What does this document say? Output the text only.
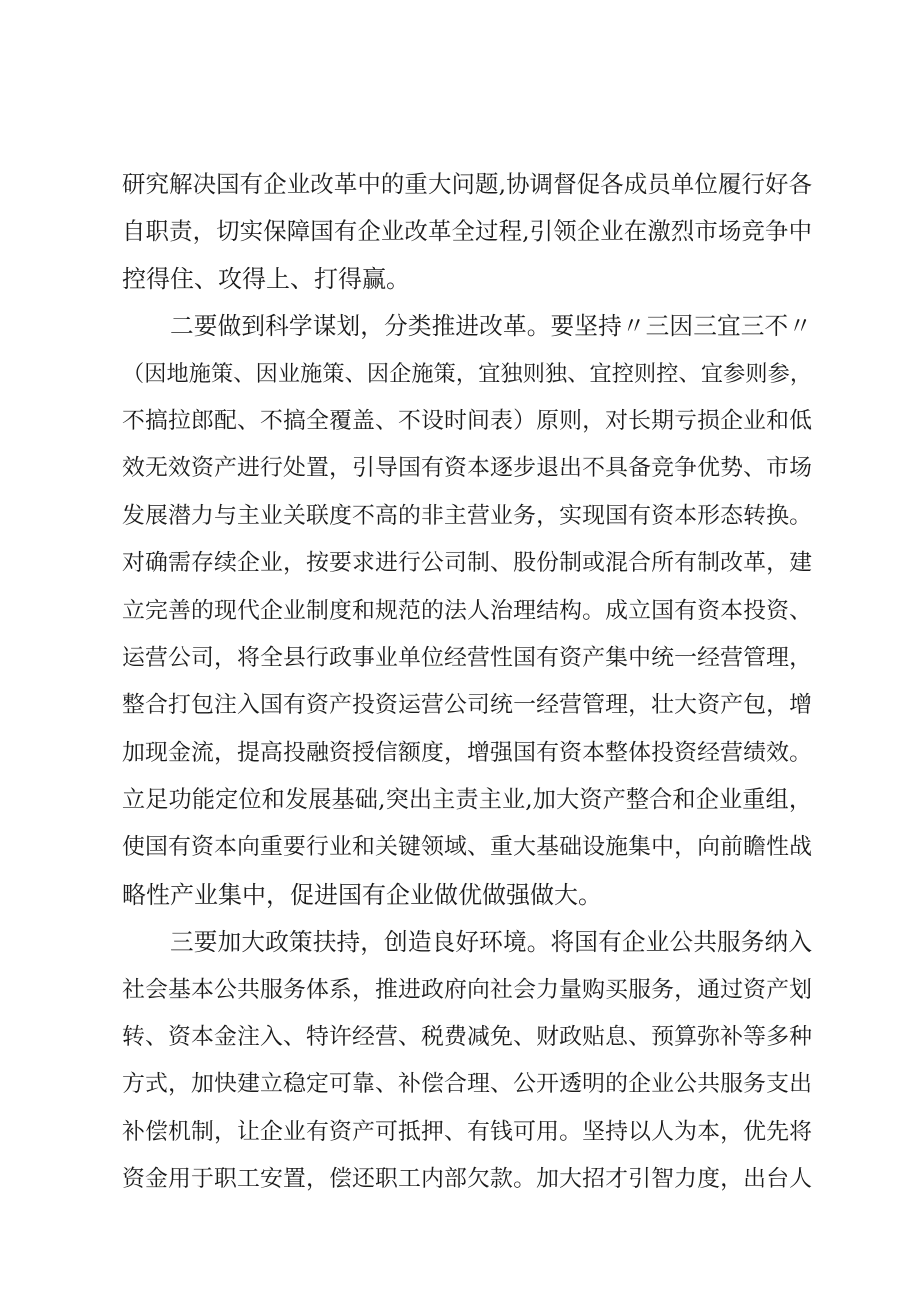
研究解决国有企业改革中的重大问题,协调督促各成员单位履行好各
自职责，切实保障国有企业改革全过程,引领企业在激烈市场竞争中
控得住、攻得上、打得赢。
二要做到科学谋划，分类推进改革。要坚持〃三因三宜三不〃
（因地施策、因业施策、因企施策，宜独则独、宜控则控、宜参则参，
不搞拉郎配、不搞全覆盖、不设时间表）原则，对长期亏损企业和低
效无效资产进行处置，引导国有资本逐步退出不具备竞争优势、市场
发展潜力与主业关联度不高的非主营业务，实现国有资本形态转换。
对确需存续企业，按要求进行公司制、股份制或混合所有制改革，建
立完善的现代企业制度和规范的法人治理结构。成立国有资本投资、
运营公司，将全县行政事业单位经营性国有资产集中统一经营管理，
整合打包注入国有资产投资运营公司统一经营管理，壮大资产包，增
加现金流，提高投融资授信额度，增强国有资本整体投资经营绩效。
立足功能定位和发展基础,突出主责主业,加大资产整合和企业重组，
使国有资本向重要行业和关键领域、重大基础设施集中，向前瞻性战
略性产业集中，促进国有企业做优做强做大。
三要加大政策扶持，创造良好环境。将国有企业公共服务纳入
社会基本公共服务体系，推进政府向社会力量购买服务，通过资产划
转、资本金注入、特许经营、税费减免、财政贴息、预算弥补等多种
方式，加快建立稳定可靠、补偿合理、公开透明的企业公共服务支出
补偿机制，让企业有资产可抵押、有钱可用。坚持以人为本，优先将
资金用于职工安置，偿还职工内部欠款。加大招才引智力度，出台人
